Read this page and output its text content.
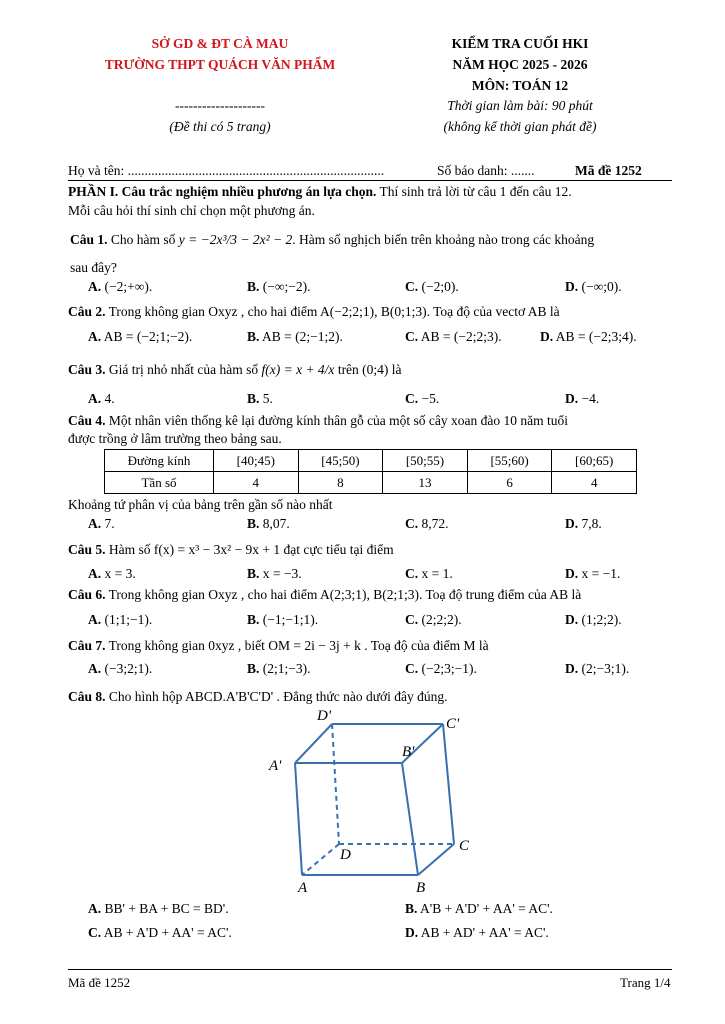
SỞ GD & ĐT CÀ MAU
TRƯỜNG THPT QUÁCH VĂN PHẨM
--------------------
(Đề thi có 5 trang)
KIỂM TRA CUỐI HKI
NĂM HỌC 2025 - 2026
MÔN: TOÁN 12
Thời gian làm bài: 90 phút
(không kể thời gian phát đề)
Họ và tên: ............................................................................	Số báo danh: .......	Mã đề 1252
PHẦN I. Câu trắc nghiệm nhiều phương án lựa chọn. Thí sinh trả lời từ câu 1 đến câu 12.
Mỗi câu hỏi thí sinh chỉ chọn một phương án.
Câu 1. Cho hàm số y = −2x³/3 − 2x² − 2. Hàm số nghịch biến trên khoảng nào trong các khoảng
sau đây?
A. (−2;+∞).	B. (−∞;−2).	C. (−2;0).	D. (−∞;0).
Câu 2. Trong không gian Oxyz , cho hai điểm A(−2;2;1), B(0;1;3). Toạ độ của vectơ AB là
A. AB = (−2;1;−2).	B. AB = (2;−1;2).	C. AB = (−2;2;3).	D. AB = (−2;3;4).
Câu 3. Giá trị nhỏ nhất của hàm số f(x) = x + 4/x trên (0;4) là
A. 4.	B. 5.	C. −5.	D. −4.
Câu 4. Một nhân viên thống kê lại đường kính thân gỗ của một số cây xoan đào 10 năm tuổi
được trồng ở lâm trường theo bảng sau.
Đường kính	[40;45)	[45;50)	[50;55)	[55;60)	[60;65)
Tần số	4	8	13	6	4
Khoảng tứ phân vị của bảng trên gần số nào nhất
A. 7.	B. 8,07.	C. 8,72.	D. 7,8.
Câu 5. Hàm số f(x) = x³ − 3x² − 9x + 1 đạt cực tiểu tại điểm
A. x = 3.	B. x = −3.	C. x = 1.	D. x = −1.
Câu 6. Trong không gian Oxyz , cho hai điểm A(2;3;1), B(2;1;3). Toạ độ trung điểm của AB là
A. (1;1;−1).	B. (−1;−1;1).	C. (2;2;2).	D. (1;2;2).
Câu 7. Trong không gian 0xyz , biết OM = 2i − 3j + k . Toạ độ của điểm M là
A. (−3;2;1).	B. (2;1;−3).	C. (−2;3;−1).	D. (2;−3;1).
Câu 8. Cho hình hộp ABCD.A'B'C'D' . Đẳng thức nào dưới đây đúng.
D'	C'
B'
A'
D
C
A	B
A. BB' + BA + BC = BD'.	B. A'B + A'D' + AA' = AC'.
C. AB + A'D + AA' = AC'.	D. AB + AD' + AA' = AC'.
Mã đề 1252	Trang 1/4
